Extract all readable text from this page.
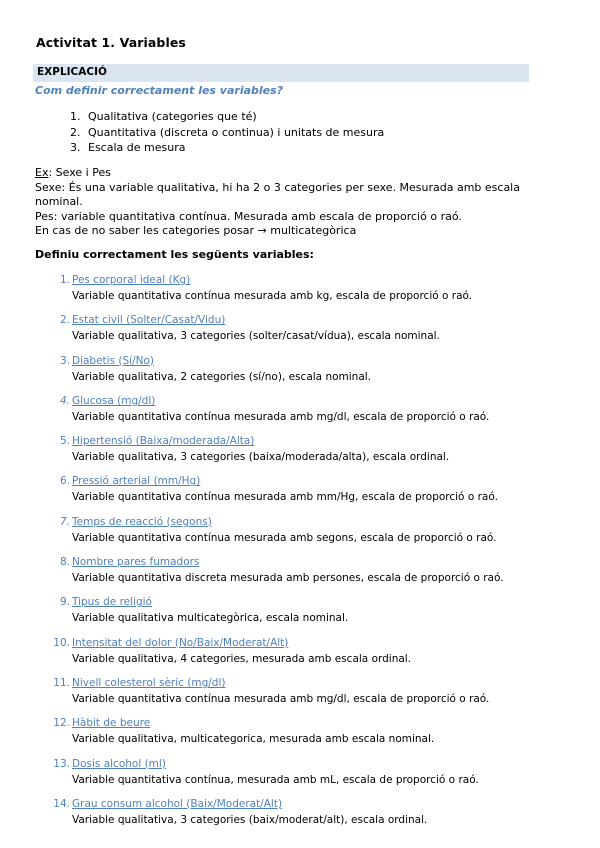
Activitat 1. Variables
EXPLICACIÓ
Com definir correctament les variables?
1. Qualitativa (categories que té)
2. Quantitativa (discreta o continua) i unitats de mesura
3. Escala de mesura
Ex: Sexe i Pes
Sexe: És una variable qualitativa, hi ha 2 o 3 categories per sexe. Mesurada amb escala nominal.
Pes: variable quantitativa contínua. Mesurada amb escala de proporció o raó.
En cas de no saber les categories posar → multicategòrica
Definiu correctament les següents variables:
1. Pes corporal ideal (Kg)
Variable quantitativa contínua mesurada amb kg, escala de proporció o raó.
2. Estat civil (Solter/Casat/Vidu)
Variable qualitativa, 3 categories (solter/casat/vídua), escala nominal.
3. Diabetis (Sí/No)
Variable qualitativa, 2 categories (sí/no), escala nominal.
4. Glucosa (mg/dl)
Variable quantitativa contínua mesurada amb mg/dl, escala de proporció o raó.
5. Hipertensió (Baixa/moderada/Alta)
Variable qualitativa, 3 categories (baixa/moderada/alta), escala ordinal.
6. Pressió arterial (mm/Hg)
Variable quantitativa contínua mesurada amb mm/Hg, escala de proporció o raó.
7. Temps de reacció (segons)
Variable quantitativa contínua mesurada amb segons, escala de proporció o raó.
8. Nombre pares fumadors
Variable quantitativa discreta mesurada amb persones, escala de proporció o raó.
9. Tipus de religió
Variable qualitativa multicategòrica, escala nominal.
10. Intensitat del dolor (No/Baix/Moderat/Alt)
Variable qualitativa, 4 categories, mesurada amb escala ordinal.
11. Nivell colesterol sèric (mg/dl)
Variable quantitativa contínua mesurada amb mg/dl, escala de proporció o raó.
12. Hàbit de beure
Variable qualitativa, multicategorica, mesurada amb escala nominal.
13. Dosis alcohol (ml)
Variable quantitativa contínua, mesurada amb mL, escala de proporció o raó.
14. Grau consum alcohol (Baix/Moderat/Alt)
Variable qualitativa, 3 categories (baix/moderat/alt), escala ordinal.
